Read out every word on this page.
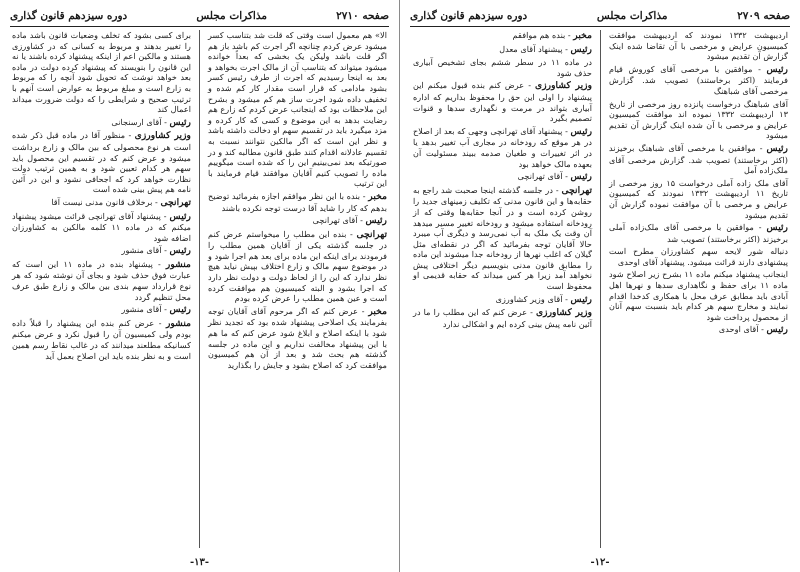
صفحه ۲۷۱۰
مذاکرات مجلس
دوره سیزدهم قانون گذاری

الا» هم معمول است وقتی که قلت شد بتناسب کسر میشود عرض کردم چنانچه اگر اجرت کم باشد باز هم اگر قلت باشد ولیکن یک بخشی که بعداً خوانده میشود میتواند که بتناسب آن از مالک اجرت بخواهد و بعد به اینجا رسیدیم که اجرت از طرف رئیس کسر بشود مادامی که قرار است مقدار کار کم شده و تخفیف داده شود اجرت ساز هم کم میشود و بشرح این ملاحظات بود که اینجانب عرض کردم که زارع هم رضایت بدهد به این موضوع و کسی که کار کرده و مزد میگیرد باید در تقسیم سهم او دخالت داشته باشد و نظر این است که اگر مالکین نتوانند نسبت به تقسیم عادلانه اقدام کنند طبق قانون مطالبه کند و در صورتیکه بعد نمی‌بینیم این را که شده است میگوییم ماده را تصویب کنیم آقایان موافقند قیام فرمایند با این ترتیب

مخبر - بنده با این نظر موافقم اجازه بفرمائید توضیح بدهم که کار را شاید آقا درست توجه نکرده باشند

رئیس - آقای تهرانچی

تهرانچی - بنده این مطلب را میخواستم عرض کنم در جلسه گذشته یکی از آقایان همین مطلب را فرمودند برای اینکه این ماده برای بعد هم اجرا شود و در موضوع سهم مالک و زارع اختلاف بپیش نیاید هیچ نظر ندارد که این را از لحاظ دولت و دولت نظر دارد که اجرا بشود و البته کمیسیون هم موافقت کرده است و عین همین مطلب را عرض کرده بودم

مخبر - عرض کنم که اگر مرحوم آقای آقایان توجه بفرمایند یک اصلاحی پیشنهاد شده بود که تجدید نظر شود با اینکه اصلاح و ابلاغ شود عرض کنم که ما هم با این پیشنهاد مخالفت نداریم و این ماده در جلسه گذشته هم بحث شد و بعد از آن هم کمیسیون موافقت کرد که اصلاح بشود و جایش را بگذارید

برای کسی بشود که تخلف وضعیات قانون باشد ماده را تغییر بدهند و مربوط به کسانی که در کشاورزی هستند و مالکین اعم از اینکه پیشنهاد کرده باشند یا نه این قانون را بنویسند که پیشنهاد کرده دولت در ماده بعد خواهد نوشت که تحویل شود آنچه را که مربوط به زارع است و مبلغ مربوط به عوارض است آنهم با ترتیب صحیح و شرایطی را که دولت ضرورت میداند اعمال کند

رئیس - آقای ارسنجانی

وزیر کشاورزی - منظور آقا در ماده قبل ذکر شده است هر نوع محصولی که بین مالک و زارع برداشت میشود و عرض کنم که در تقسیم این محصول باید سهم هر کدام تعیین شود و به همین ترتیب دولت نظارت خواهد کرد که اجحافی نشود و این در آئین نامه هم پیش بینی شده است

تهرانچی - برخلاف قانون مدنی نیست آقا

رئیس - پیشنهاد آقای تهرانچی قرائت میشود پیشنهاد میکنم که در ماده ۱۱ کلمه مالکین به کشاورزان اضافه شود

رئیس - آقای منشور

منشور - پیشنهاد بنده در ماده ۱۱ این است که عبارت فوق حذف شود و بجای آن نوشته شود که هر نوع قرارداد سهم بندی بین مالک و زارع طبق عرف محل تنظیم گردد

رئیس - آقای منشور

منشور - عرض کنم بنده این پیشنهاد را قبلاً داده بودم ولی کمیسیون آن را قبول نکرد و عرض میکنم کسانیکه مطلعند میدانند که در غالب نقاط رسم همین است و به نظر بنده باید این اصلاح بعمل آید

-۱۳-
صفحه ۲۷۰۹
مذاکرات مجلس
دوره سیزدهم قانون گذاری

اردیبهشت ۱۳۳۲ نمودند که اردیبهشت موافقت کمیسیون عرایض و مرخصی با آن تقاضا شده اینک گزارش آن تقدیم میشود

رئیس - موافقین با مرخصی آقای کوروش قیام فرمایند (اکثر برخاستند) تصویب شد. گزارش مرخصی آقای شباهنگ

آقای شباهنگ درخواست پانزده روز مرخصی از تاریخ ۱۳ اردیبهشت ۱۳۳۲ نموده اند موافقت کمیسیون عرایض و مرخصی با آن شده اینک گزارش آن تقدیم میشود

رئیس - موافقین با مرخصی آقای شباهنگ برخیزند (اکثر برخاستند) تصویب شد. گزارش مرخصی آقای ملک‌زاده آمل

آقای ملک زاده آملی درخواست ۱۵ روز مرخصی از تاریخ ۱۱ اردیبهشت ۱۳۳۲ نمودند که کمیسیون عرایض و مرخصی با آن موافقت نموده گزارش آن تقدیم میشود

رئیس - موافقین با مرخصی آقای ملک‌زاده آملی برخیزند (اکثر برخاستند) تصویب شد

دنباله شور لایحه سهم کشاورزان مطرح است پیشنهادی دارند قرائت میشود. پیشنهاد آقای اوحدی

اینجانب پیشنهاد میکنم ماده ۱۱ بشرح زیر اصلاح شود ماده ۱۱ برای حفظ و نگاهداری سدها و نهرها اهل آبادی باید مطابق عرف محل با همکاری کدخدا اقدام نمایند و مخارج سهم هر کدام باید بنسبت سهم آنان از محصول پرداخت شود

رئیس - آقای اوحدی

مخبر - بنده هم موافقم

رئیس - پیشنهاد آقای معدل

در ماده ۱۱ در سطر ششم بجای تشخیص آبیاری حذف شود

وزیر کشاورزی - عرض کنم بنده قبول میکنم این پیشنهاد را اولی این حق را محفوظ بداریم که اداره آبیاری بتواند در مرمت و نگهداری سدها و قنوات تصمیم بگیرد

رئیس - پیشنهاد آقای تهرانچی وجهی که بعد از اصلاح در هر موقع که رودخانه در مجاری آب تغییر بدهد یا در اثر تغییرات و طغیان صدمه ببیند مسئولیت آن بعهده مالک خواهد بود

رئیس - آقای تهرانچی

تهرانچی - در جلسه گذشته اینجا صحبت شد راجع به حقابه‌ها و این قانون مدنی که تکلیف زمینهای جدید را روشن کرده است و در آنجا حقابه‌ها وقتی که از رودخانه استفاده میشود و رودخانه تغییر مسیر میدهد آن وقت یک ملک به آب نمی‌رسد و دیگری آب میبرد حالا آقایان توجه بفرمائید که اگر در نقطه‌ای مثل گیلان که اغلب نهرها از رودخانه جدا میشوند این ماده را مطابق قانون مدنی بنویسیم دیگر اختلافی پیش نخواهد آمد زیرا هر کس میداند که حقابه قدیمی او محفوظ است

رئیس - آقای وزیر کشاورزی

وزیر کشاورزی - عرض کنم که این مطلب را ما در آئین نامه پیش بینی کرده ایم و اشکالی ندارد

-۱۲-
